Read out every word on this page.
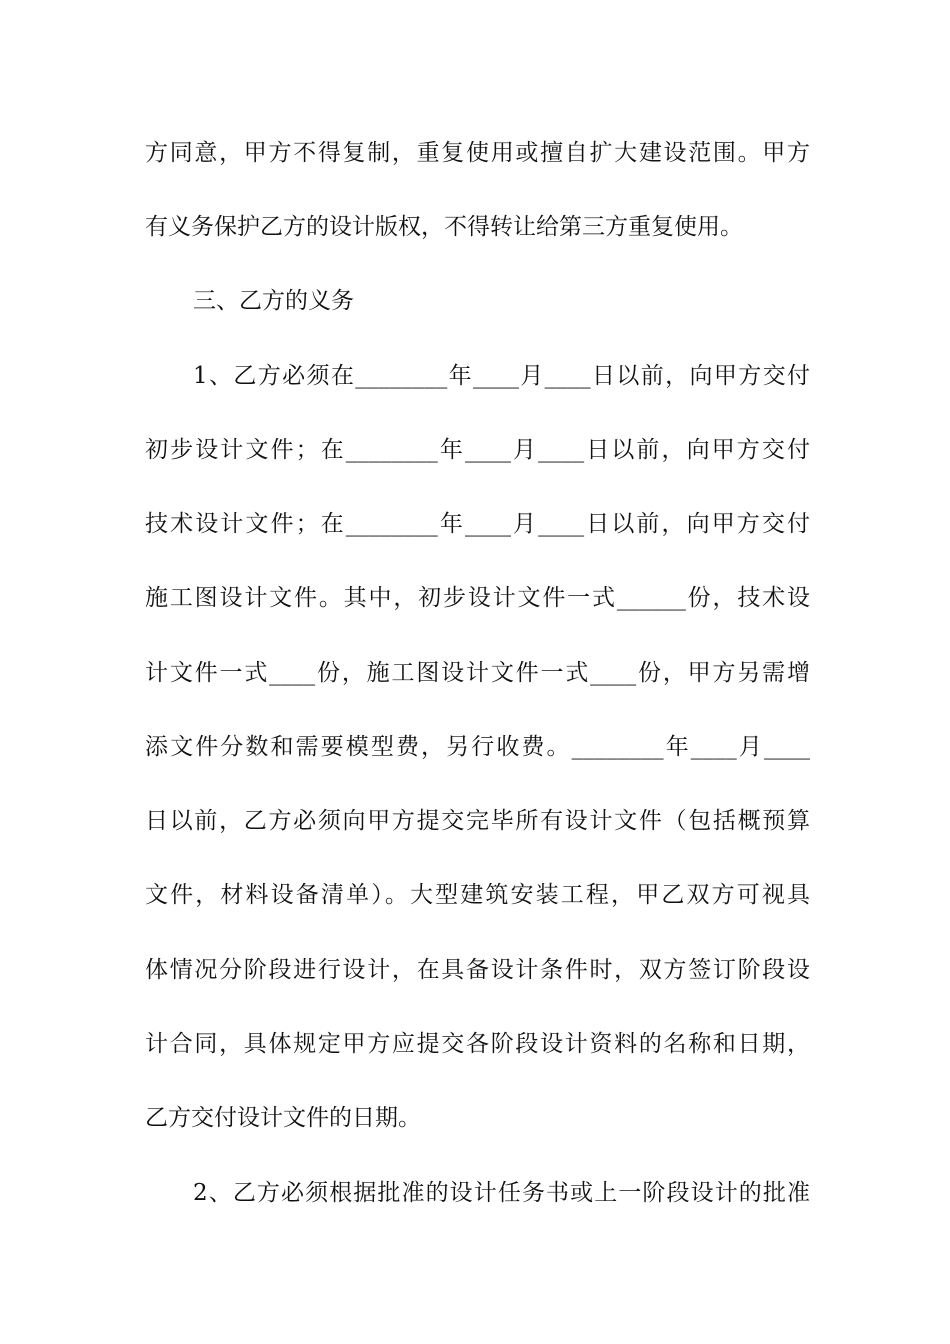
方同意，甲方不得复制，重复使用或擅自扩大建设范围。甲方
有义务保护乙方的设计版权，不得转让给第三方重复使用。
三、乙方的义务
1、乙方必须在________年____月____日以前，向甲方交付
初步设计文件；在________年____月____日以前，向甲方交付
技术设计文件；在________年____月____日以前，向甲方交付
施工图设计文件。其中，初步设计文件一式______份，技术设
计文件一式____份，施工图设计文件一式____份，甲方另需增
添文件分数和需要模型费，另行收费。________年____月____
日以前，乙方必须向甲方提交完毕所有设计文件（包括概预算
文件，材料设备清单）。大型建筑安装工程，甲乙双方可视具
体情况分阶段进行设计，在具备设计条件时，双方签订阶段设
计合同，具体规定甲方应提交各阶段设计资料的名称和日期，
乙方交付设计文件的日期。
2、乙方必须根据批准的设计任务书或上一阶段设计的批准
